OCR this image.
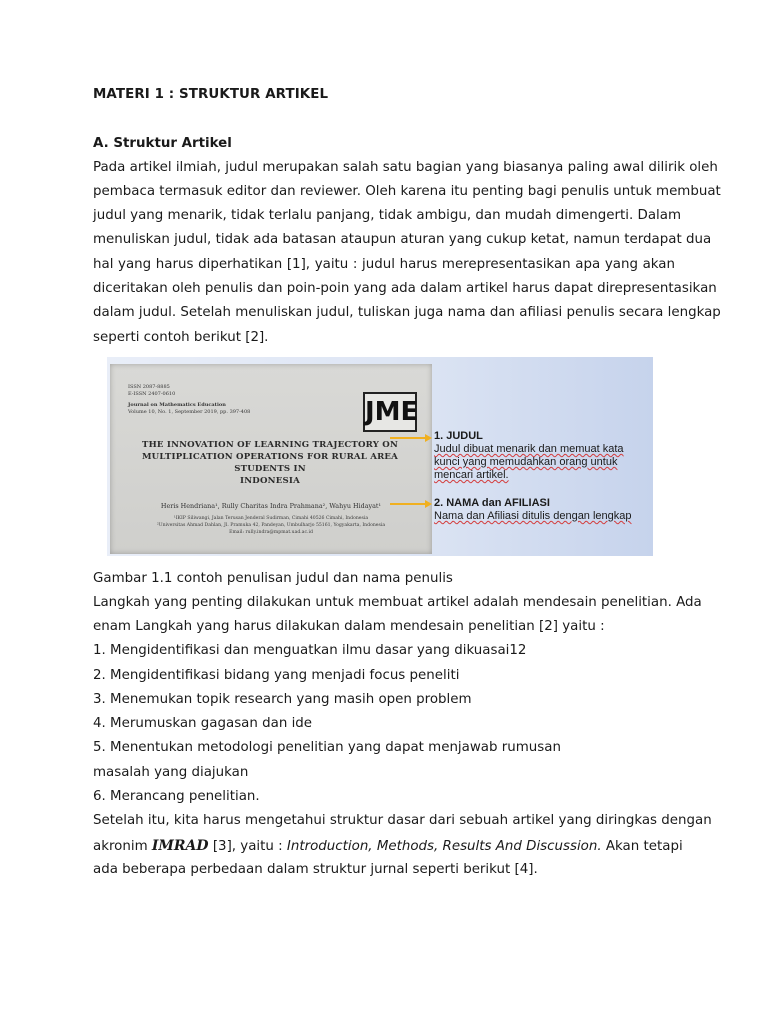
MATERI 1 : STRUKTUR ARTIKEL
A. Struktur Artikel
Pada artikel ilmiah, judul merupakan salah satu bagian yang biasanya paling awal dilirik oleh
pembaca termasuk editor dan reviewer. Oleh karena itu penting bagi penulis untuk membuat
judul yang menarik, tidak terlalu panjang, tidak ambigu, dan mudah dimengerti. Dalam
menuliskan judul, tidak ada batasan ataupun aturan yang cukup ketat, namun terdapat dua
hal yang harus diperhatikan [1], yaitu : judul harus merepresentasikan apa yang akan
diceritakan oleh penulis dan poin-poin yang ada dalam artikel harus dapat direpresentasikan
dalam judul. Setelah menuliskan judul, tuliskan juga nama dan afiliasi penulis secara lengkap
seperti contoh berikut [2].
Gambar 1.1 contoh penulisan judul dan nama penulis
Langkah yang penting dilakukan untuk membuat artikel adalah mendesain penelitian. Ada
enam Langkah yang harus dilakukan dalam mendesain penelitian [2] yaitu :
1. Mengidentifikasi dan menguatkan ilmu dasar yang dikuasai12
2. Mengidentifikasi bidang yang menjadi focus peneliti
3. Menemukan topik research yang masih open problem
4. Merumuskan gagasan dan ide
5. Menentukan metodologi penelitian yang dapat menjawab rumusan
masalah yang diajukan
6. Merancang penelitian.
Setelah itu, kita harus mengetahui struktur dasar dari sebuah artikel yang diringkas dengan
akronim IMRAD [3], yaitu : Introduction, Methods, Results And Discussion. Akan tetapi
ada beberapa perbedaan dalam struktur jurnal seperti berikut [4].
ISSN 2087-8885
E-ISSN 2407-0610
Journal on Mathematics Education
Volume 10, No. 1, September 2019, pp. 397-408	JME
THE INNOVATION OF LEARNING TRAJECTORY ON
MULTIPLICATION OPERATIONS FOR RURAL AREA STUDENTS IN
INDONESIA
Heris Hendriana¹, Rully Charitas Indra Prahmana², Wahyu Hidayat¹
¹IKIP Siliwangi, Jalan Terusan Jenderal Sudirman, Cimahi 40526 Cimahi, Indonesia
²Universitas Ahmad Dahlan, Jl. Pramuka 42, Pandeyan, Umbulharjo 55161, Yogyakarta, Indonesia
Email: rully.indra@mpmat.uad.ac.id
1. JUDUL
Judul dibuat menarik dan memuat kata
kunci yang memudahkan orang untuk
mencari artikel.
2. NAMA dan AFILIASI
Nama dan Afiliasi ditulis dengan lengkap
